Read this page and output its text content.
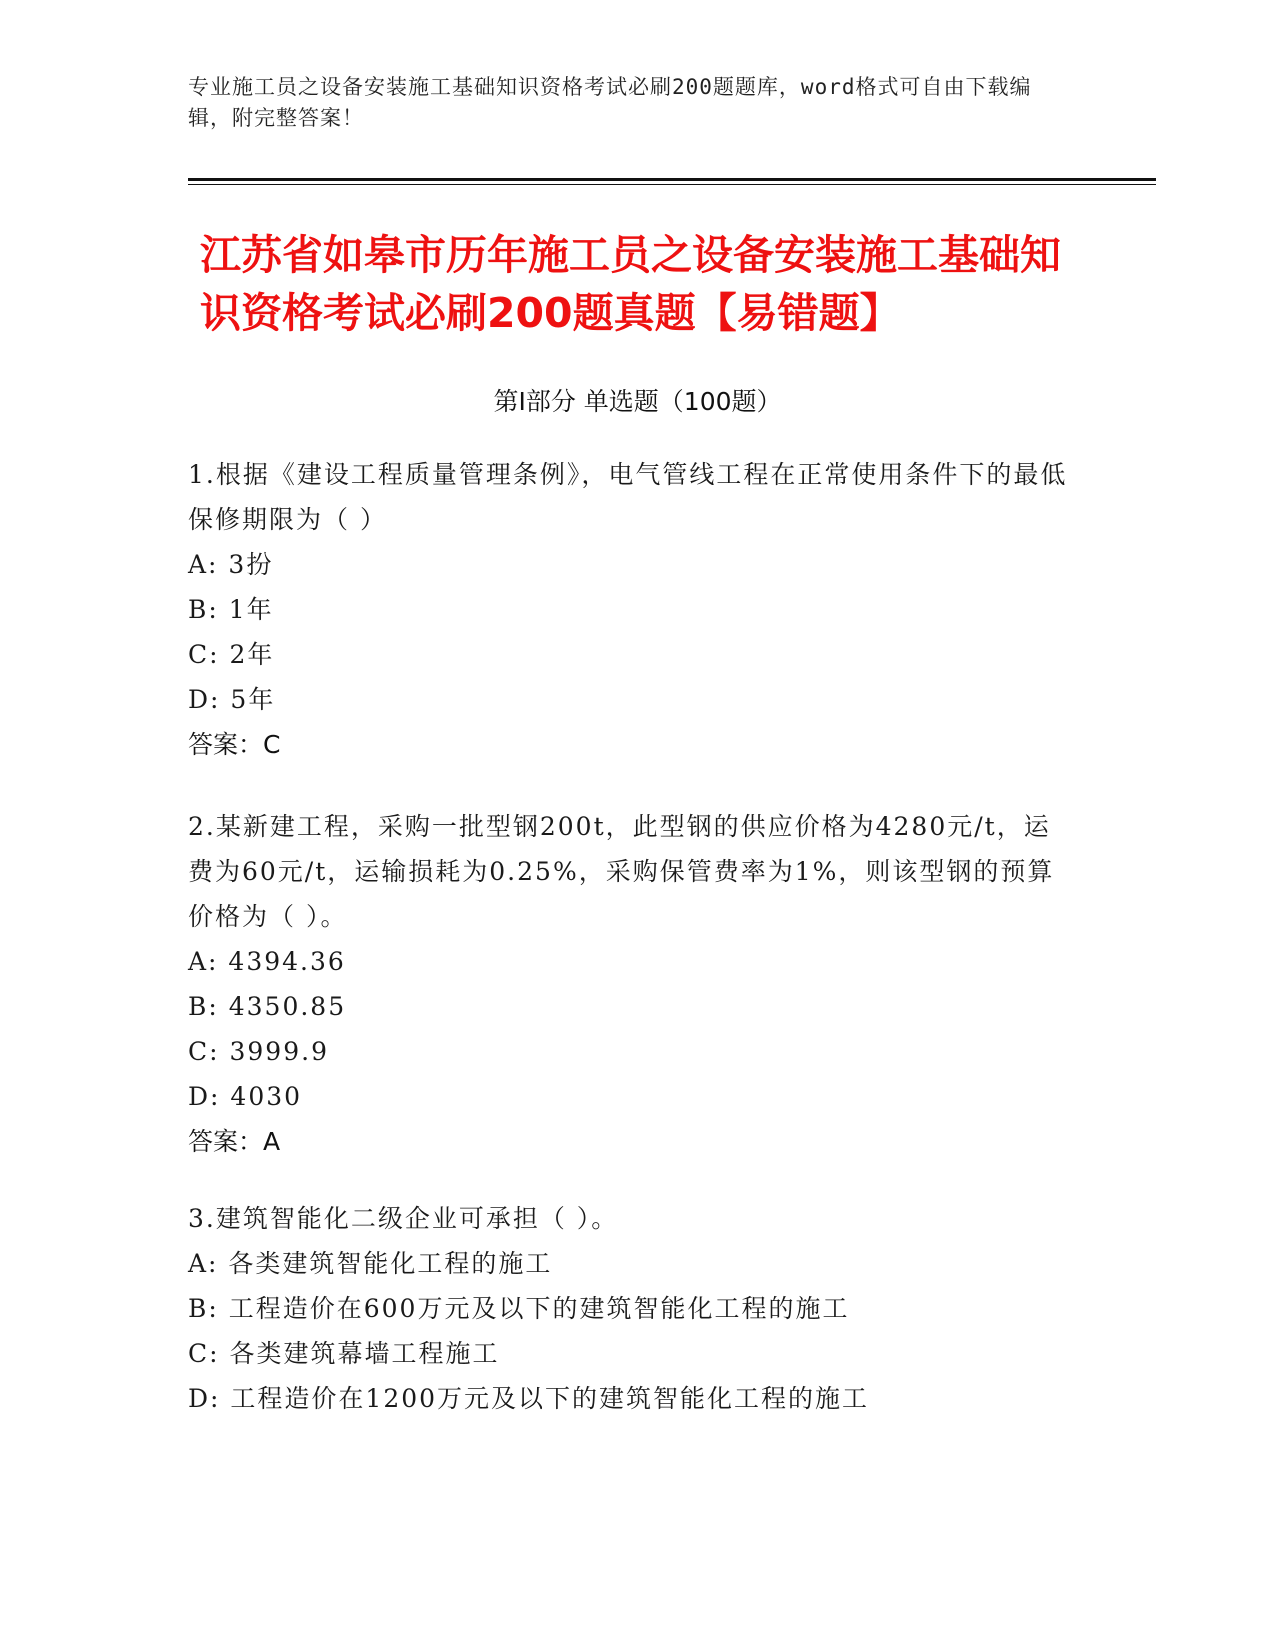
专业施工员之设备安装施工基础知识资格考试必刷200题题库，word格式可自由下载编辑，附完整答案！
江苏省如皋市历年施工员之设备安装施工基础知识资格考试必刷200题真题【易错题】
第Ⅰ部分 单选题（100题）
1.根据《建设工程质量管理条例》，电气管线工程在正常使用条件下的最低保修期限为（ ）
A: 3扮
B: 1年
C: 2年
D: 5年
答案：C
2.某新建工程，采购一批型钢200t，此型钢的供应价格为4280元/t，运费为60元/t，运输损耗为0.25%，采购保管费率为1%，则该型钢的预算价格为（ ）。
A: 4394.36
B: 4350.85
C: 3999.9
D: 4030
答案：A
3.建筑智能化二级企业可承担（ ）。
A: 各类建筑智能化工程的施工
B: 工程造价在600万元及以下的建筑智能化工程的施工
C: 各类建筑幕墙工程施工
D: 工程造价在1200万元及以下的建筑智能化工程的施工
